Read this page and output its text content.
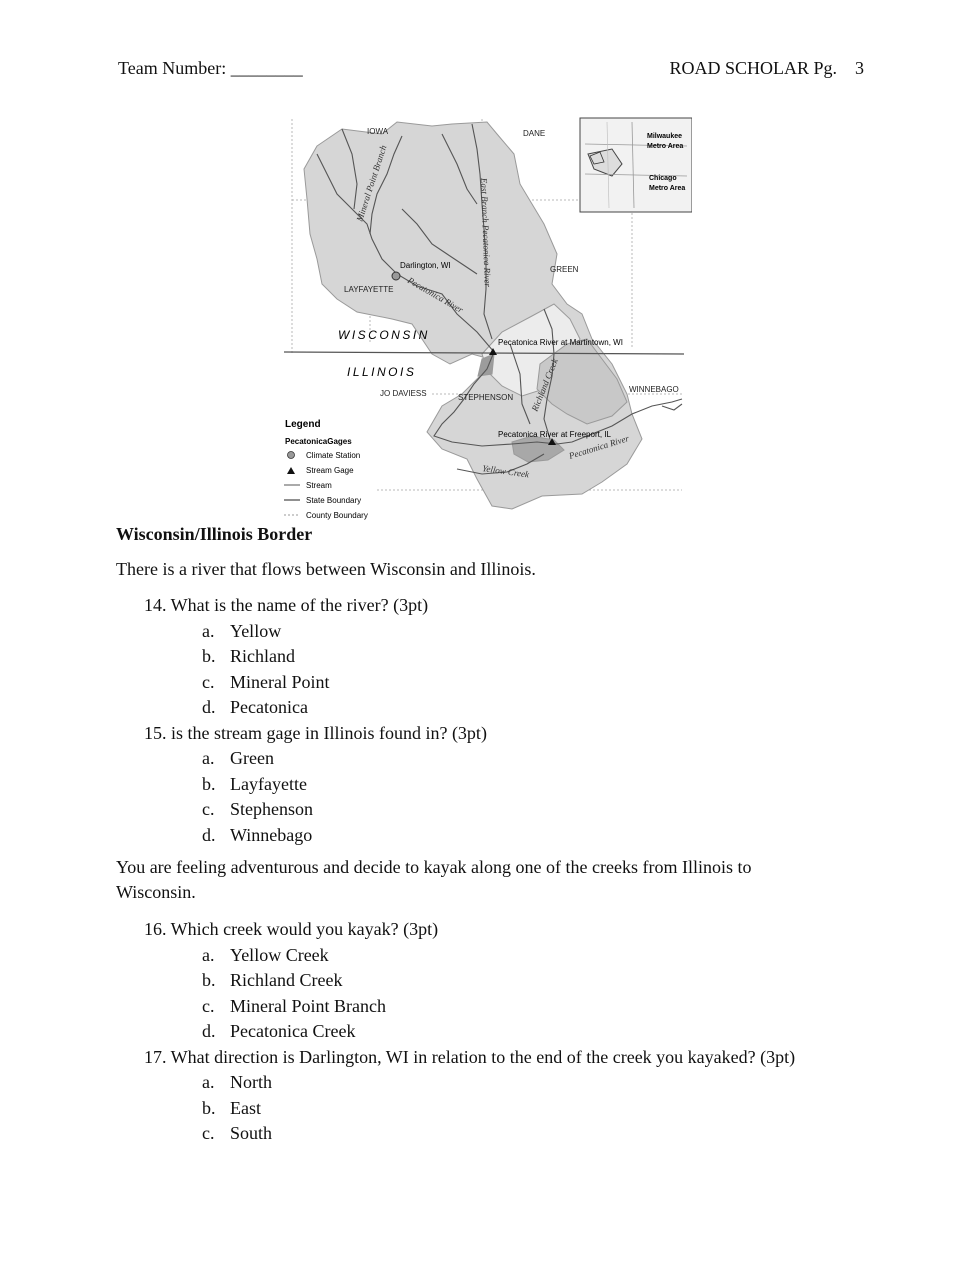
Team Number: ________	ROAD SCHOLAR Pg.    3
Milwaukee
Metro Area
Chicago
Metro Area
IOWA	DANE
GREEN
LAYFAYETTE
JO DAVIESS	STEPHENSON
WINNEBAGO
WISCONSIN
ILLINOIS
Mineral Point Branch	East Branch Pecatonica River
Pecatonica River
Richland Creek
Yellow Creek
Pecatonica River
Darlington, WI
Pecatonica River at Martintown, WI
Pecatonica River at Freeport, IL
Legend
PecatonicaGages
Climate Station
Stream Gage
Stream
State Boundary
County Boundary
Wisconsin/Illinois Border
There is a river that flows between Wisconsin and Illinois.
14. What is the name of the river? (3pt)
a. Yellow
b. Richland
c. Mineral Point
d. Pecatonica
15. is the stream gage in Illinois found in? (3pt)
a. Green
b. Layfayette
c. Stephenson
d. Winnebago
You are feeling adventurous and decide to kayak along one of the creeks from Illinois to
Wisconsin.
16. Which creek would you kayak? (3pt)
a. Yellow Creek
b. Richland Creek
c. Mineral Point Branch
d. Pecatonica Creek
17. What direction is Darlington, WI in relation to the end of the creek you kayaked? (3pt)
a. North
b. East
c. South
